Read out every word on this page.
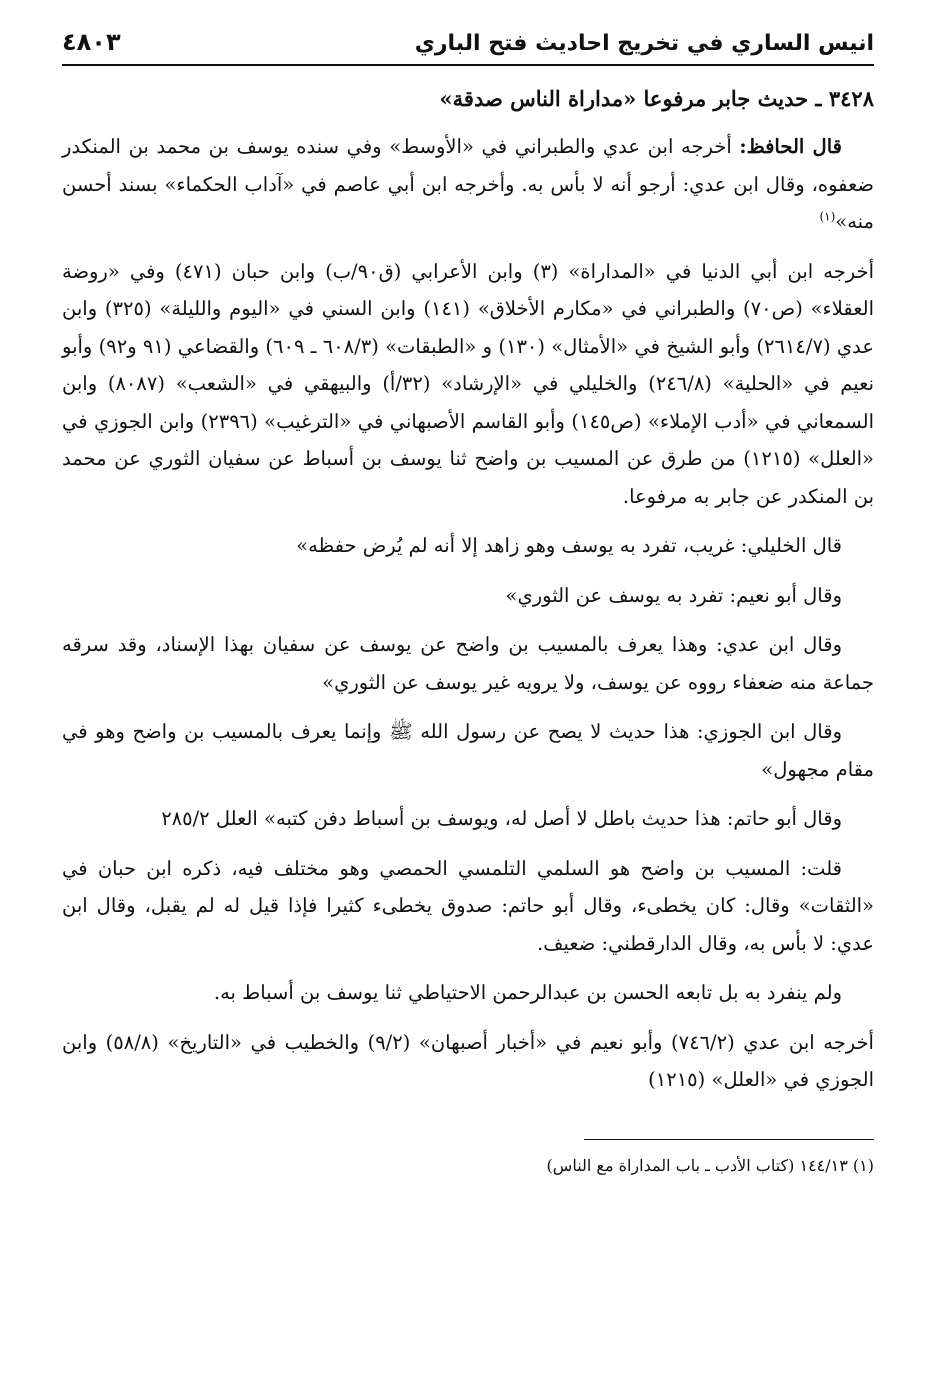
انيس الساري في تخريج احاديث فتح الباري
٤٨٠٣
٣٤٢٨ ـ حديث جابر مرفوعا «مداراة الناس صدقة»
قال الحافظ: أخرجه ابن عدي والطبراني في «الأوسط» وفي سنده يوسف بن محمد بن المنكدر ضعفوه، وقال ابن عدي: أرجو أنه لا بأس به. وأخرجه ابن أبي عاصم في «آداب الحكماء» بسند أحسن منه»$^{(١)}$
أخرجه ابن أبي الدنيا في «المداراة» (٣) وابن الأعرابي (ق٩٠/ب) وابن حبان (٤٧١) وفي «روضة العقلاء» (ص٧٠) والطبراني في «مكارم الأخلاق» (١٤١) وابن السني في «اليوم والليلة» (٣٢٥) وابن عدي (٢٦١٤/٧) وأبو الشيخ في «الأمثال» (١٣٠) و «الطبقات» (٦٠٨/٣ ـ ٦٠٩) والقضاعي (٩١ و٩٢) وأبو نعيم في «الحلية» (٢٤٦/٨) والخليلي في «الإرشاد» (٣٢/أ) والبيهقي في «الشعب» (٨٠٨٧) وابن السمعاني في «أدب الإملاء» (ص١٤٥) وأبو القاسم الأصبهاني في «الترغيب» (٢٣٩٦) وابن الجوزي في «العلل» (١٢١٥) من طرق عن المسيب بن واضح ثنا يوسف بن أسباط عن سفيان الثوري عن محمد بن المنكدر عن جابر به مرفوعا.
قال الخليلي: غريب، تفرد به يوسف وهو زاهد إلا أنه لم يُرض حفظه»
وقال أبو نعيم: تفرد به يوسف عن الثوري»
وقال ابن عدي: وهذا يعرف بالمسيب بن واضح عن يوسف عن سفيان بهذا الإسناد، وقد سرقه جماعة منه ضعفاء رووه عن يوسف، ولا يرويه غير يوسف عن الثوري»
وقال ابن الجوزي: هذا حديث لا يصح عن رسول الله ﷺ وإنما يعرف بالمسيب بن واضح وهو في مقام مجهول»
وقال أبو حاتم: هذا حديث باطل لا أصل له، ويوسف بن أسباط دفن كتبه» العلل ٢٨٥/٢
قلت: المسيب بن واضح هو السلمي التلمسي الحمصي وهو مختلف فيه، ذكره ابن حبان في «الثقات» وقال: كان يخطىء، وقال أبو حاتم: صدوق يخطىء كثيرا فإذا قيل له لم يقبل، وقال ابن عدي: لا بأس به، وقال الدارقطني: ضعيف.
ولم ينفرد به بل تابعه الحسن بن عبدالرحمن الاحتياطي ثنا يوسف بن أسباط به.
أخرجه ابن عدي (٧٤٦/٢) وأبو نعيم في «أخبار أصبهان» (٩/٢) والخطيب في «التاريخ» (٥٨/٨) وابن الجوزي في «العلل» (١٢١٥)
(١) ١٤٤/١٣ (كتاب الأدب ـ باب المداراة مع الناس)
